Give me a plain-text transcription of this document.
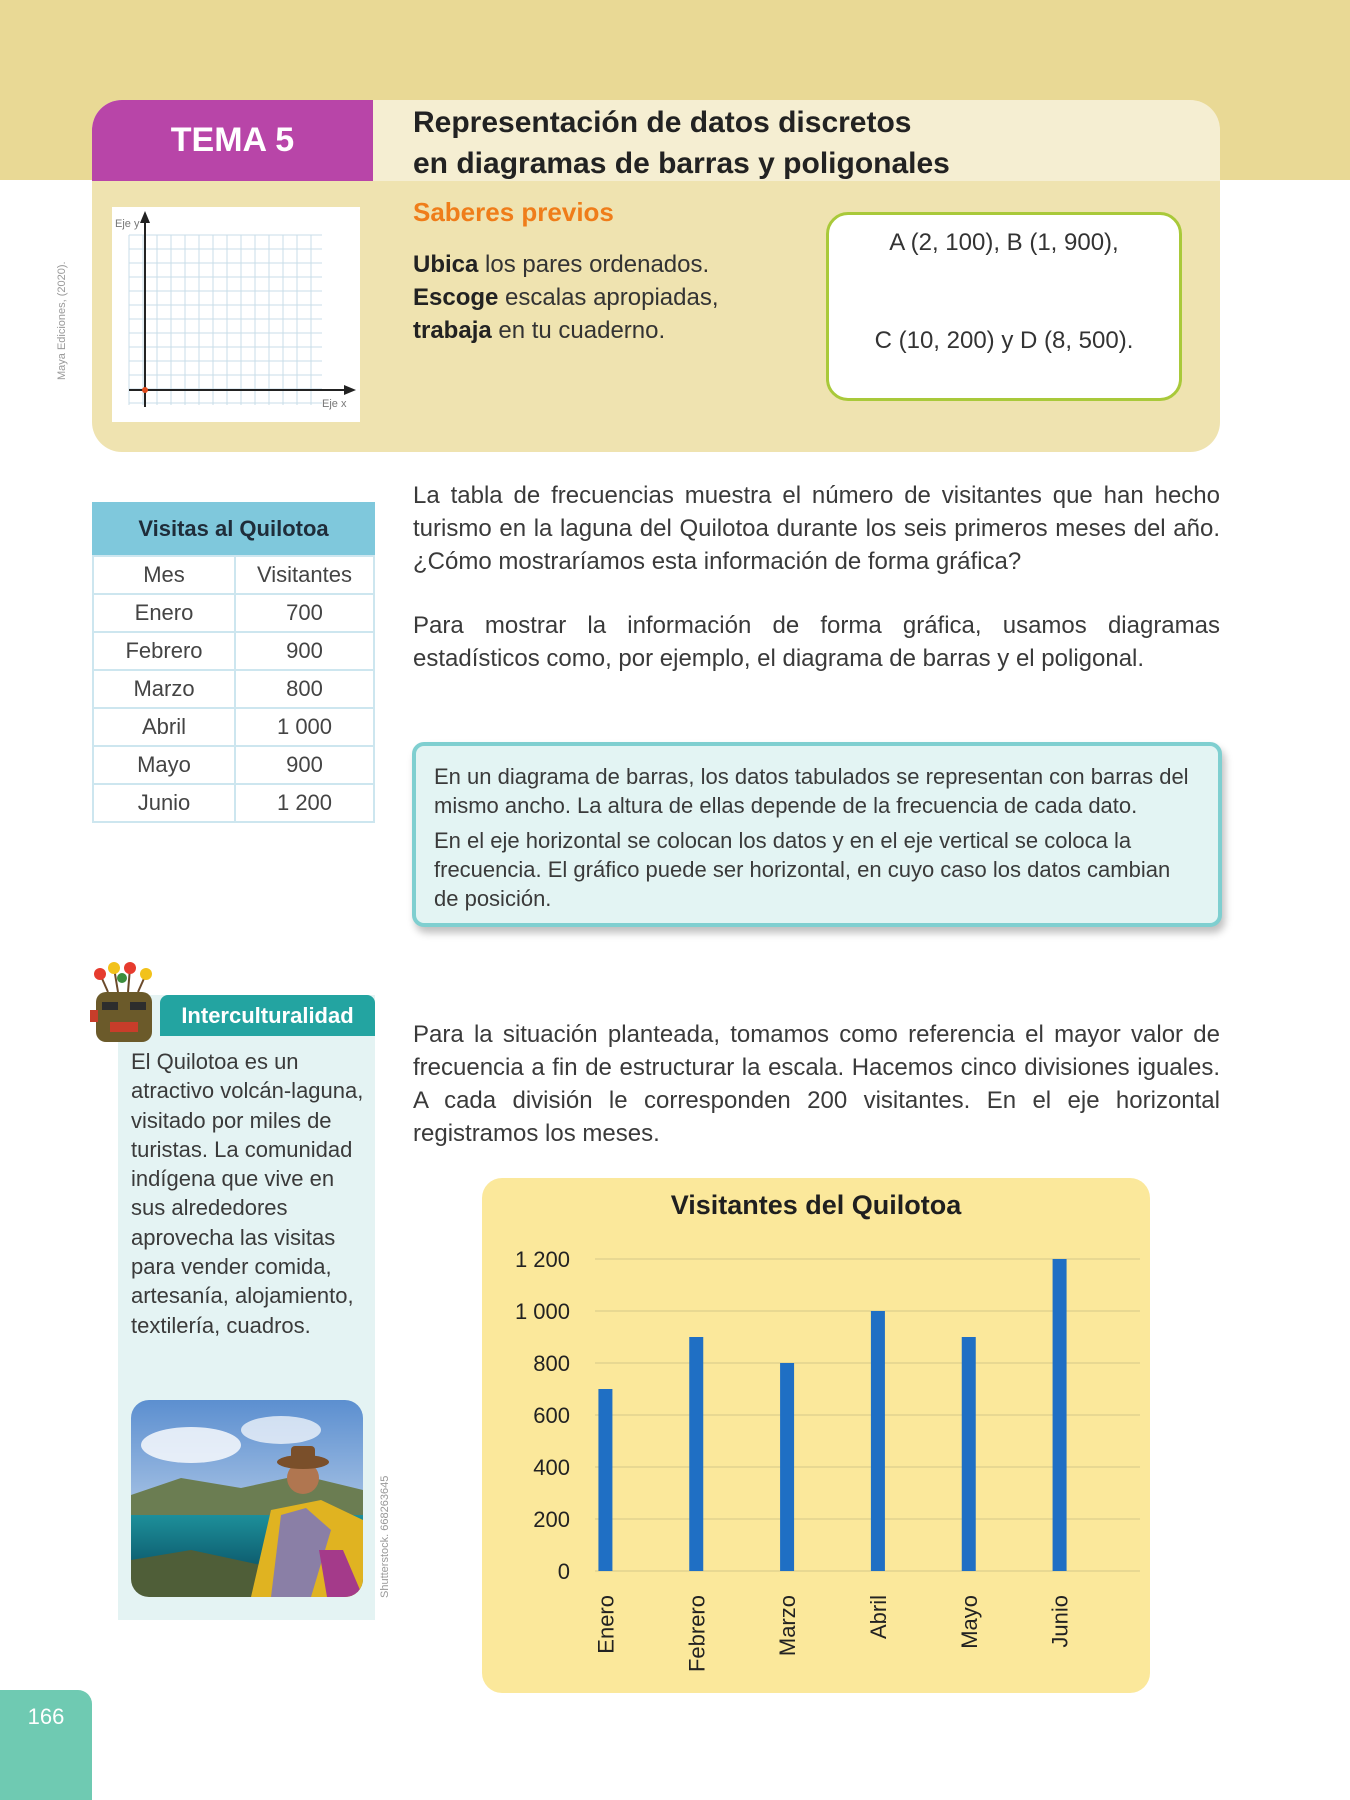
TEMA 5	Representación de datos discretos
en diagramas de barras y poligonales
Eje y
Eje x
Maya Ediciones, (2020).
Saberes previos
Ubica los pares ordenados.
Escoge escalas apropiadas,
trabaja en tu cuaderno.
A (2, 100), B (1, 900),
C (10, 200) y D (8, 500).
Visitas al Quilotoa
Mes	Visitantes
Enero	700
Febrero	900
Marzo	800
Abril	1 000
Mayo	900
Junio	1 200

La tabla de frecuencias muestra el número de visitantes que han hecho turismo en la laguna del Quilotoa durante los seis primeros meses del año. ¿Cómo mostraríamos esta información de forma gráfica?

Para mostrar la información de forma gráfica, usamos diagramas estadísticos como, por ejemplo, el diagrama de barras y el poligonal.

En un diagrama de barras, los datos tabulados se representan con barras del mismo ancho. La altura de ellas depende de la frecuencia de cada dato.

En el eje horizontal se colocan los datos y en el eje vertical se coloca la frecuencia. El gráfico puede ser horizontal, en cuyo caso los datos cambian de posición.

Interculturalidad

El Quilotoa es un atractivo volcán-laguna, visitado por miles de turistas. La comunidad indígena que vive en sus alrededores aprovecha las visitas para vender comida, artesanía, alojamiento, textilería, cuadros.

Shutterstock. 668263645

Para la situación planteada, tomamos como referencia el mayor valor de frecuencia a fin de estructurar la escala. Hacemos cinco divisiones iguales. A cada división le corresponden 200 visitantes. En el eje horizontal registramos los meses.

Visitantes del Quilotoa
0
200
400
600
800
1 000
1 200
Enero	Febrero	Marzo	Abril	Mayo	Junio
166
